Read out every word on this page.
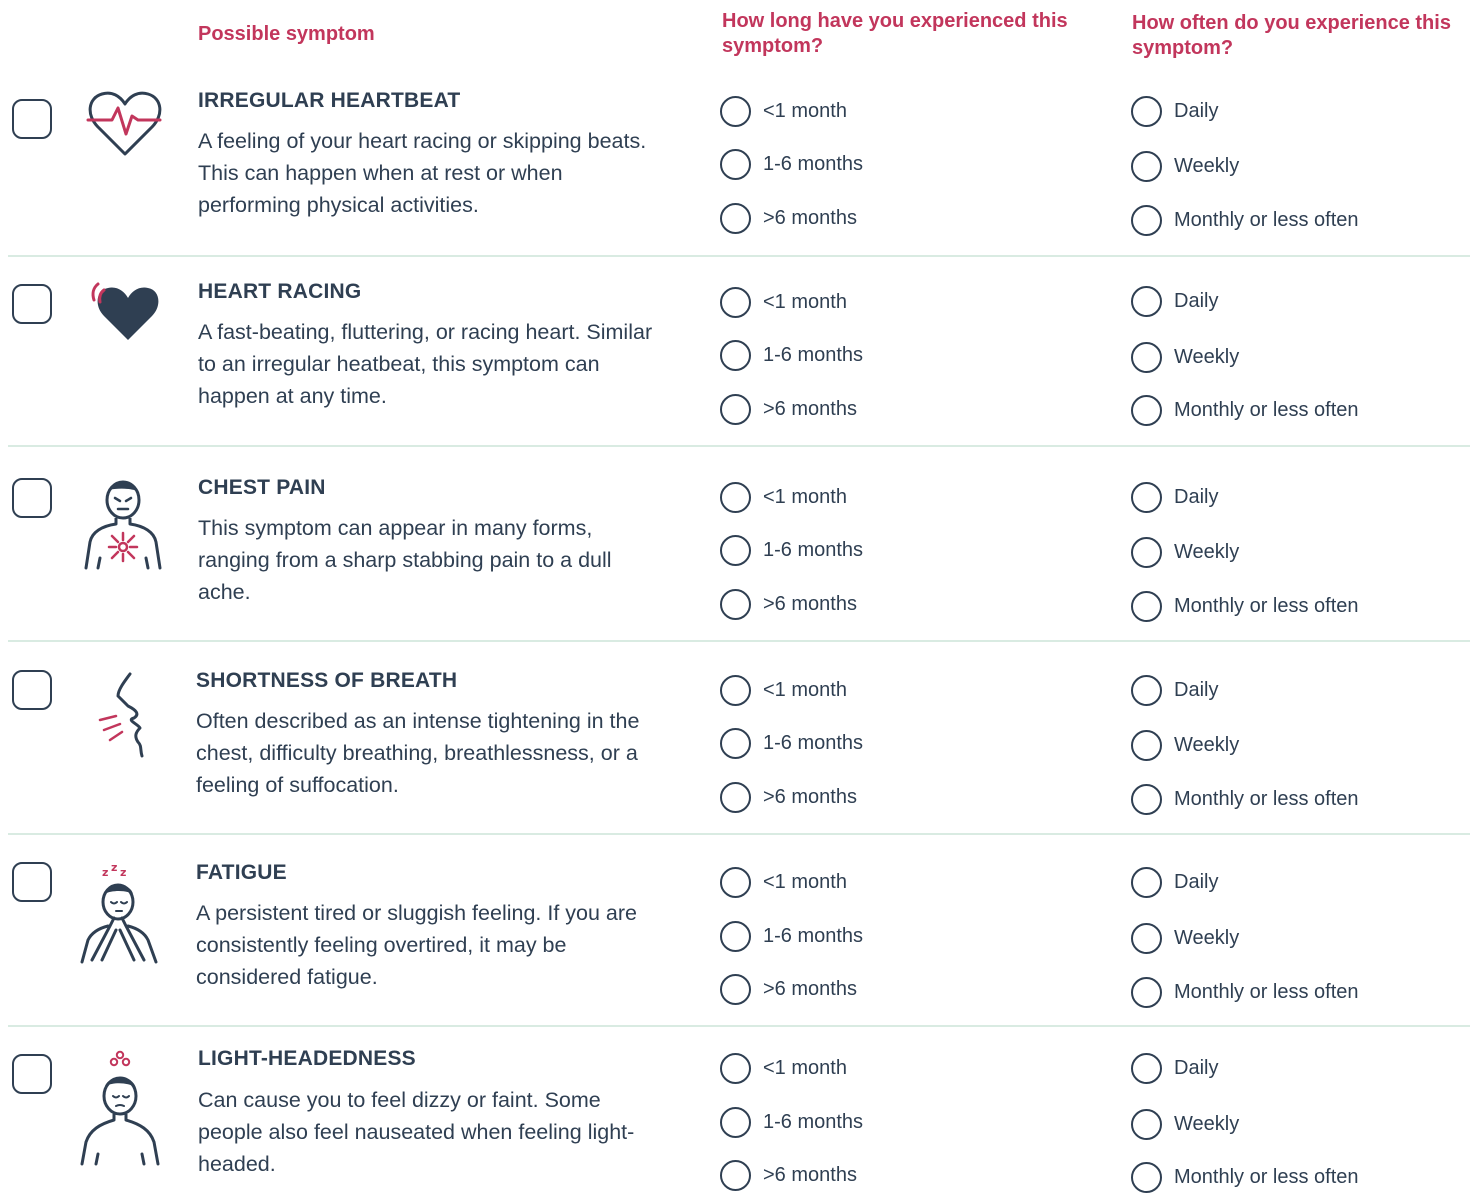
Possible symptom
How long have you experienced this symptom?
How often do you experience this symptom?
IRREGULAR HEARTBEAT
A feeling of your heart racing or skipping beats. This can happen when at rest or when performing physical activities.
<1 month
1-6 months
>6 months
Daily
Weekly
Monthly or less often
HEART RACING
A fast-beating, fluttering, or racing heart. Similar to an irregular heatbeat, this symptom can happen at any time.
<1 month
1-6 months
>6 months
Daily
Weekly
Monthly or less often
CHEST PAIN
This symptom can appear in many forms, ranging from a sharp stabbing pain to a dull ache.
<1 month
1-6 months
>6 months
Daily
Weekly
Monthly or less often
SHORTNESS OF BREATH
Often described as an intense tightening in the chest, difficulty breathing, breathlessness, or a feeling of suffocation.
<1 month
1-6 months
>6 months
Daily
Weekly
Monthly or less often
z z z	FATIGUE
A persistent tired or sluggish feeling. If you are consistently feeling overtired, it may be considered fatigue.
<1 month
1-6 months
>6 months
Daily
Weekly
Monthly or less often
LIGHT-HEADEDNESS
Can cause you to feel dizzy or faint. Some people also feel nauseated when feeling light-headed.
<1 month
1-6 months
>6 months
Daily
Weekly
Monthly or less often
